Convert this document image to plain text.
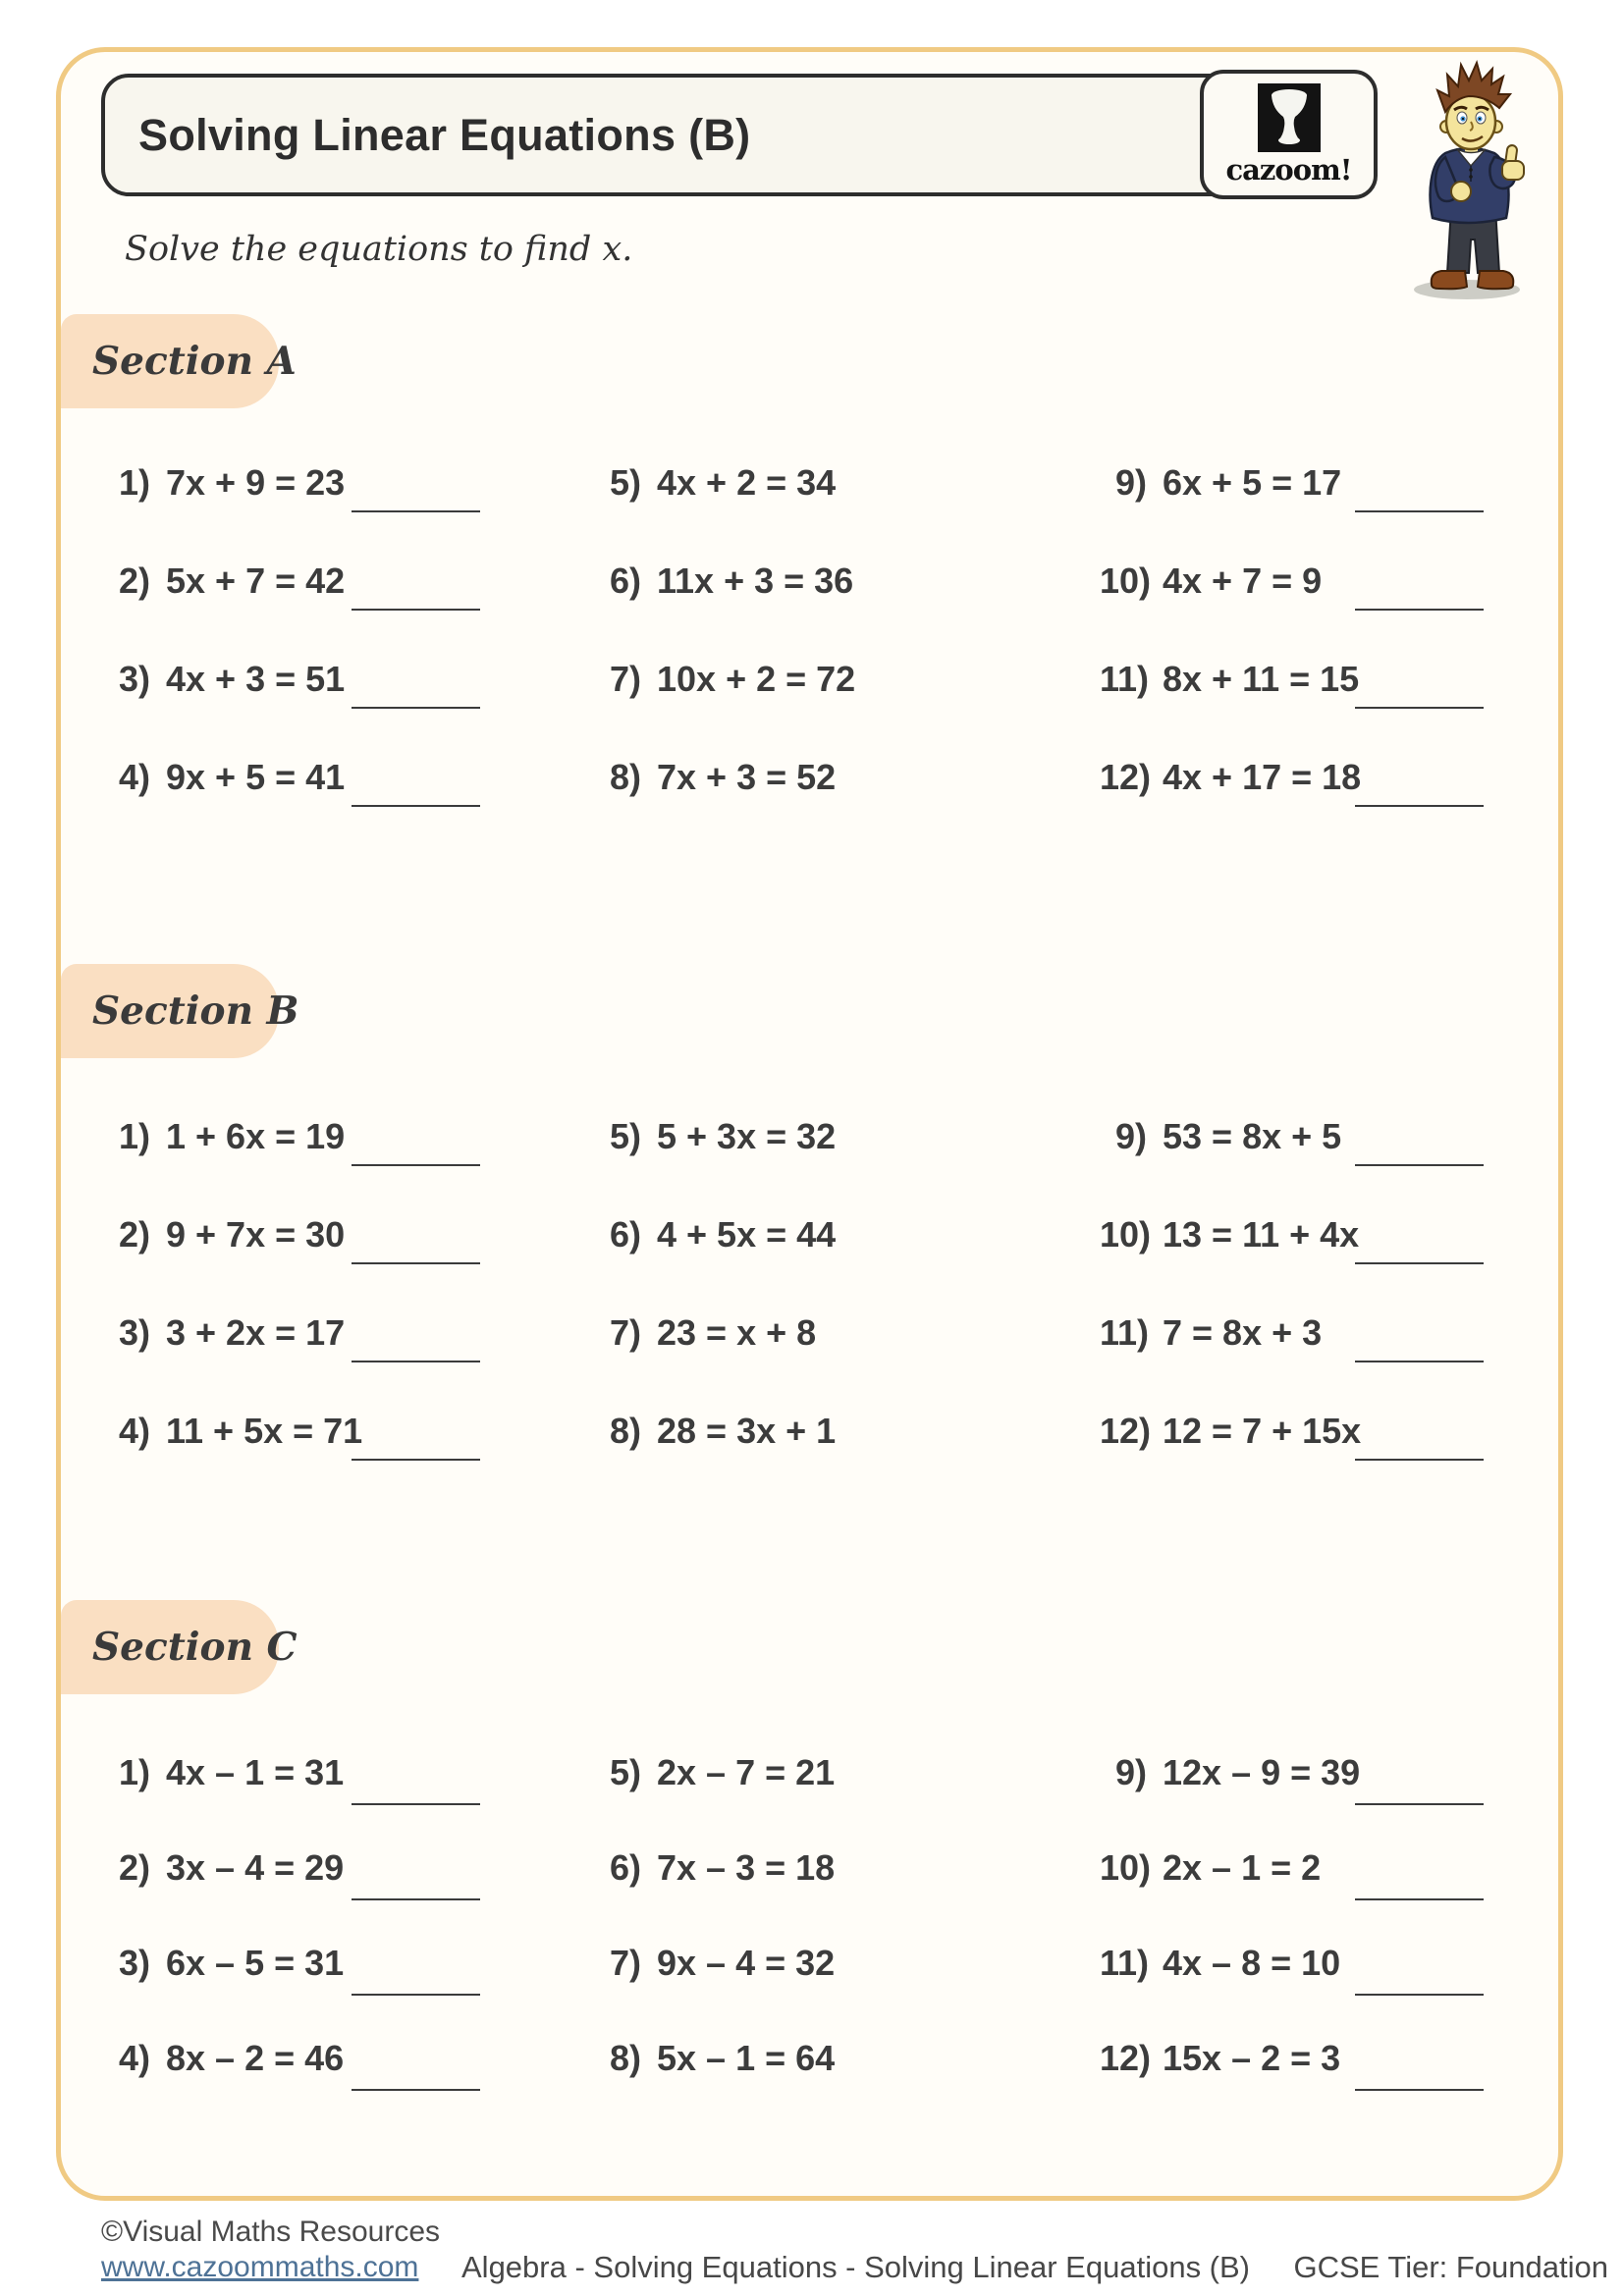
Solving Linear Equations (B)
cazoom!
Solve the equations to find x.
Section A
1) 7x + 9 = 23
2) 5x + 7 = 42
3) 4x + 3 = 51
4) 9x + 5 = 41
5) 4x + 2 = 34
6) 11x + 3 = 36
7) 10x + 2 = 72
8) 7x + 3 = 52
9) 6x + 5 = 17
10) 4x + 7 = 9
11) 8x + 11 = 15
12) 4x + 17 = 18
Section B
1) 1 + 6x = 19
2) 9 + 7x = 30
3) 3 + 2x = 17
4) 11 + 5x = 71
5) 5 + 3x = 32
6) 4 + 5x = 44
7) 23 = x + 8
8) 28 = 3x + 1
9) 53 = 8x + 5
10) 13 = 11 + 4x
11) 7 = 8x + 3
12) 12 = 7 + 15x
Section C
1) 4x – 1 = 31
2) 3x – 4 = 29
3) 6x – 5 = 31
4) 8x – 2 = 46
5) 2x – 7 = 21
6) 7x – 3 = 18
7) 9x – 4 = 32
8) 5x – 1 = 64
9) 12x – 9 = 39
10) 2x – 1 = 2
11) 4x – 8 = 10
12) 15x – 2 = 3
©Visual Maths Resources
www.cazoommaths.com	Algebra - Solving Equations - Solving Linear Equations (B) GCSE Tier: Foundation
